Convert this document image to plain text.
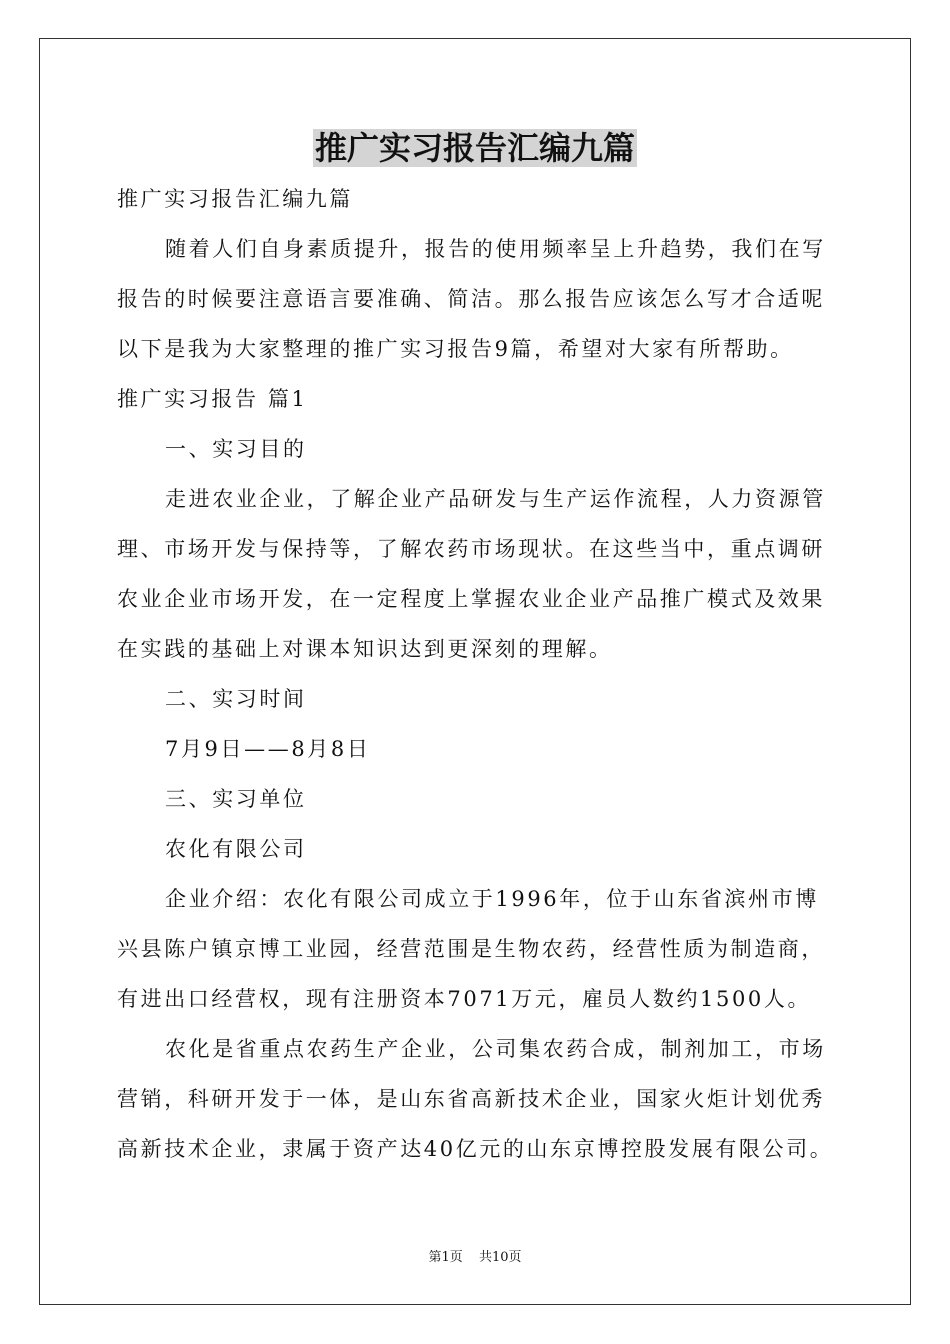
推广实习报告汇编九篇

推广实习报告汇编九篇

随着人们自身素质提升，报告的使用频率呈上升趋势，我们在写

报告的时候要注意语言要准确、简洁。那么报告应该怎么写才合适呢

以下是我为大家整理的推广实习报告9篇，希望对大家有所帮助。

推广实习报告 篇1

一、实习目的

走进农业企业，了解企业产品研发与生产运作流程，人力资源管

理、市场开发与保持等，了解农药市场现状。在这些当中，重点调研

农业企业市场开发，在一定程度上掌握农业企业产品推广模式及效果

在实践的基础上对课本知识达到更深刻的理解。

二、实习时间

7月9日——8月8日

三、实习单位

农化有限公司

企业介绍：农化有限公司成立于1996年，位于山东省滨州市博

兴县陈户镇京博工业园，经营范围是生物农药，经营性质为制造商，

有进出口经营权，现有注册资本7071万元，雇员人数约1500人。

农化是省重点农药生产企业，公司集农药合成，制剂加工，市场

营销，科研开发于一体，是山东省高新技术企业，国家火炬计划优秀

高新技术企业，隶属于资产达40亿元的山东京博控股发展有限公司。

第1页 共10页
